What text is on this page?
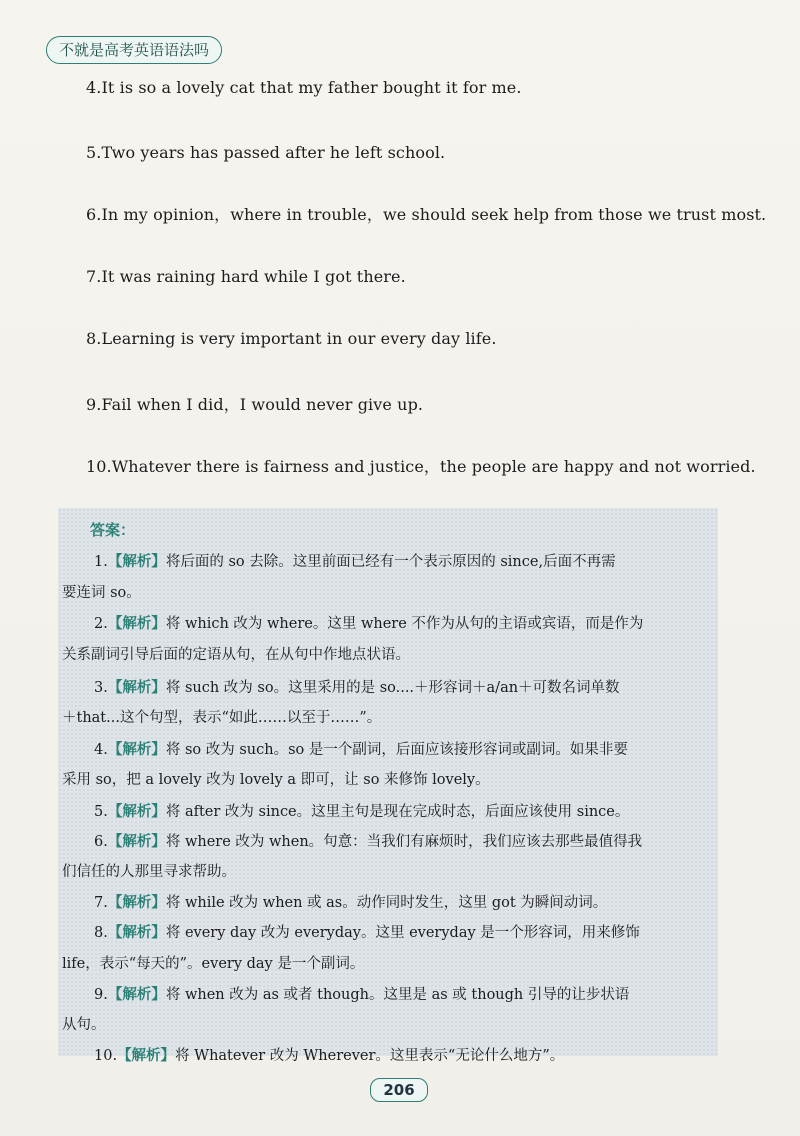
不就是高考英语语法吗
4.It is so a lovely cat that my father bought it for me.
5.Two years has passed after he left school.
6.In my opinion，where in trouble，we should seek help from those we trust most.
7.It was raining hard while I got there.
8.Learning is very important in our every day life.
9.Fail when I did，I would never give up.
10.Whatever there is fairness and justice，the people are happy and not worried.
答案：
1.【解析】将后面的 so 去除。这里前面已经有一个表示原因的 since,后面不再需
要连词 so。
2.【解析】将 which 改为 where。这里 where 不作为从句的主语或宾语，而是作为
关系副词引导后面的定语从句，在从句中作地点状语。
3.【解析】将 such 改为 so。这里采用的是 so....＋形容词＋a/an＋可数名词单数
＋that...这个句型，表示“如此……以至于……”。
4.【解析】将 so 改为 such。so 是一个副词，后面应该接形容词或副词。如果非要
采用 so，把 a lovely 改为 lovely a 即可，让 so 来修饰 lovely。
5.【解析】将 after 改为 since。这里主句是现在完成时态，后面应该使用 since。
6.【解析】将 where 改为 when。句意：当我们有麻烦时，我们应该去那些最值得我
们信任的人那里寻求帮助。
7.【解析】将 while 改为 when 或 as。动作同时发生，这里 got 为瞬间动词。
8.【解析】将 every day 改为 everyday。这里 everyday 是一个形容词，用来修饰
life，表示“每天的”。every day 是一个副词。
9.【解析】将 when 改为 as 或者 though。这里是 as 或 though 引导的让步状语
从句。
10.【解析】将 Whatever 改为 Wherever。这里表示“无论什么地方”。
206
